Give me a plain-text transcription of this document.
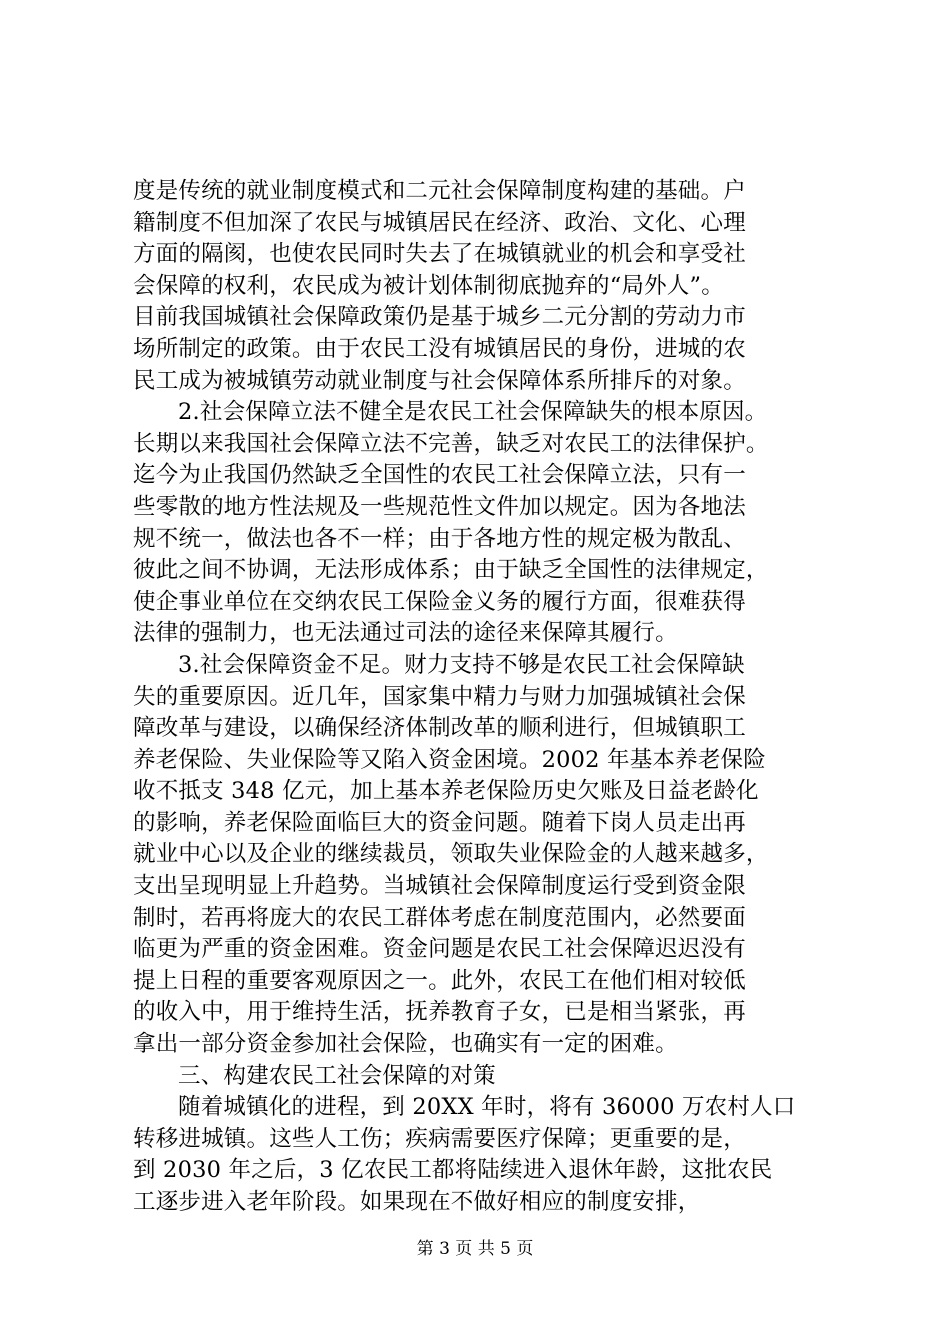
度是传统的就业制度模式和二元社会保障制度构建的基础。户
籍制度不但加深了农民与城镇居民在经济、政治、文化、心理
方面的隔阂，也使农民同时失去了在城镇就业的机会和享受社
会保障的权利，农民成为被计划体制彻底抛弃的“局外人”。
目前我国城镇社会保障政策仍是基于城乡二元分割的劳动力市
场所制定的政策。由于农民工没有城镇居民的身份，进城的农
民工成为被城镇劳动就业制度与社会保障体系所排斥的对象。
2.社会保障立法不健全是农民工社会保障缺失的根本原因。
长期以来我国社会保障立法不完善，缺乏对农民工的法律保护。
迄今为止我国仍然缺乏全国性的农民工社会保障立法，只有一
些零散的地方性法规及一些规范性文件加以规定。因为各地法
规不统一，做法也各不一样；由于各地方性的规定极为散乱、
彼此之间不协调，无法形成体系；由于缺乏全国性的法律规定，
使企事业单位在交纳农民工保险金义务的履行方面，很难获得
法律的强制力，也无法通过司法的途径来保障其履行。
3.社会保障资金不足。财力支持不够是农民工社会保障缺
失的重要原因。近几年，国家集中精力与财力加强城镇社会保
障改革与建设，以确保经济体制改革的顺利进行，但城镇职工
养老保险、失业保险等又陷入资金困境。2002 年基本养老保险
收不抵支 348 亿元，加上基本养老保险历史欠账及日益老龄化
的影响，养老保险面临巨大的资金问题。随着下岗人员走出再
就业中心以及企业的继续裁员，领取失业保险金的人越来越多，
支出呈现明显上升趋势。当城镇社会保障制度运行受到资金限
制时，若再将庞大的农民工群体考虑在制度范围内，必然要面
临更为严重的资金困难。资金问题是农民工社会保障迟迟没有
提上日程的重要客观原因之一。此外，农民工在他们相对较低
的收入中，用于维持生活，抚养教育子女，已是相当紧张，再
拿出一部分资金参加社会保险，也确实有一定的困难。
三、构建农民工社会保障的对策
随着城镇化的进程，到 20XX 年时，将有 36000 万农村人口
转移进城镇。这些人工伤；疾病需要医疗保障；更重要的是，
到 2030 年之后，3 亿农民工都将陆续进入退休年龄，这批农民
工逐步进入老年阶段。如果现在不做好相应的制度安排，
第 3 页 共 5 页
